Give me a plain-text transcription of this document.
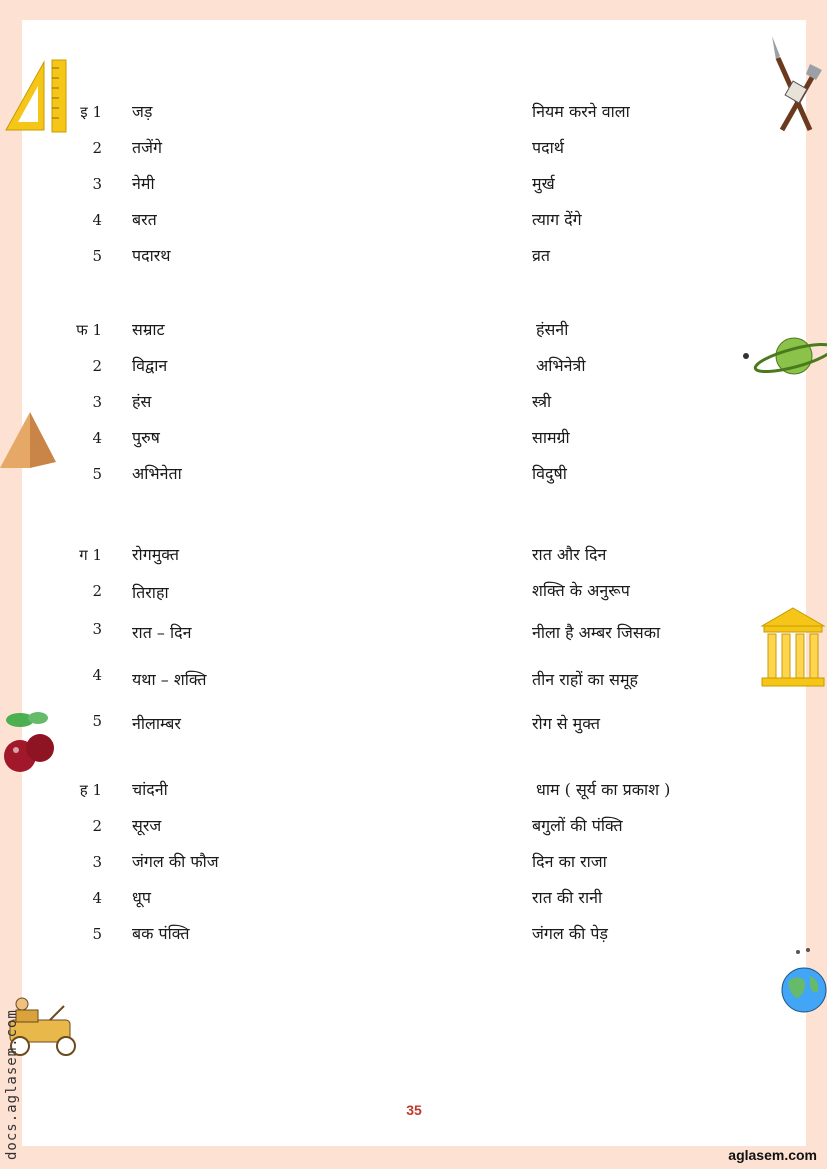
इ 1 जड़	नियम करने वाला
2 तजेंगे	पदार्थ
3 नेमी	मुर्ख
4 बरत	त्याग देंगे
5 पदारथ	व्रत
फ 1 सम्राट	हंसनी
2 विद्वान	अभिनेत्री
3 हंस	स्त्री
4 पुरुष	सामग्री
5 अभिनेता	विदुषी
ग 1 रोगमुक्त	रात और दिन
2 तिराहा	शक्ति के अनुरूप
3 रात – दिन	नीला है अम्बर जिसका
4 यथा – शक्ति	तीन राहों का समूह
5 नीलाम्बर	रोग से मुक्त
ह 1 चांदनी	धाम ( सूर्य का प्रकाश )
2 सूरज	बगुलों की पंक्ति
3 जंगल की फौज	दिन का राजा
4 धूप	रात की रानी
5 बक पंक्ति	जंगल की पेड़
35
docs.aglasem.com	aglasem.com
